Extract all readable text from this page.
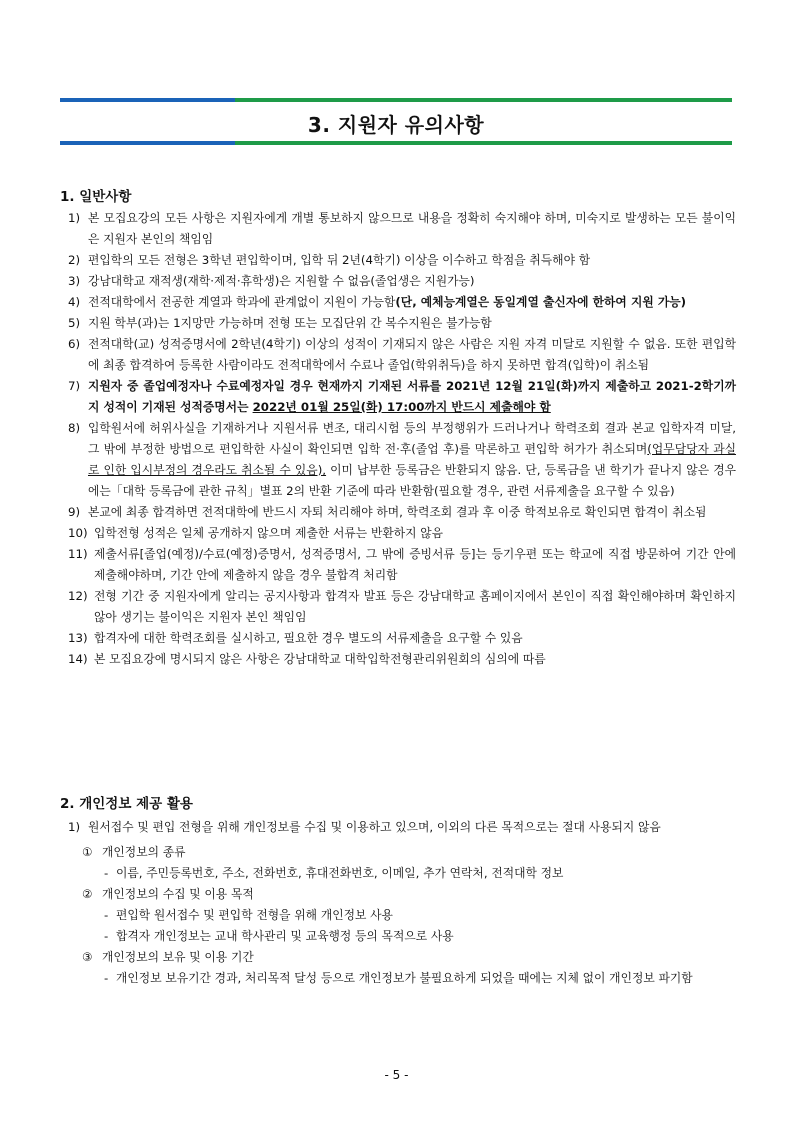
3. 지원자 유의사항
1. 일반사항
1) 본 모집요강의 모든 사항은 지원자에게 개별 통보하지 않으므로 내용을 정확히 숙지해야 하며, 미숙지로 발생하는 모든 불이익은 지원자 본인의 책임임
2) 편입학의 모든 전형은 3학년 편입학이며, 입학 뒤 2년(4학기) 이상을 이수하고 학점을 취득해야 함
3) 강남대학교 재적생(재학·제적·휴학생)은 지원할 수 없음(졸업생은 지원가능)
4) 전적대학에서 전공한 계열과 학과에 관계없이 지원이 가능함(단, 예체능계열은 동일계열 출신자에 한하여 지원 가능)
5) 지원 학부(과)는 1지망만 가능하며 전형 또는 모집단위 간 복수지원은 불가능함
6) 전적대학(교) 성적증명서에 2학년(4학기) 이상의 성적이 기재되지 않은 사람은 지원 자격 미달로 지원할 수 없음. 또한 편입학에 최종 합격하여 등록한 사람이라도 전적대학에서 수료나 졸업(학위취득)을 하지 못하면 합격(입학)이 취소됨
7) 지원자 중 졸업예정자나 수료예정자일 경우 현재까지 기재된 서류를 2021년 12월 21일(화)까지 제출하고 2021-2학기까지 성적이 기재된 성적증명서는 2022년 01월 25일(화) 17:00까지 반드시 제출해야 함
8) 입학원서에 허위사실을 기재하거나 지원서류 변조, 대리시험 등의 부정행위가 드러나거나 학력조회 결과 본교 입학자격 미달, 그 밖에 부정한 방법으로 편입학한 사실이 확인되면 입학 전·후(졸업 후)를 막론하고 편입학 허가가 취소되며(업무담당자 과실로 인한 입시부정의 경우라도 취소될 수 있음), 이미 납부한 등록금은 반환되지 않음. 단, 등록금을 낸 학기가 끝나지 않은 경우에는「대학 등록금에 관한 규칙」별표 2의 반환 기준에 따라 반환함(필요할 경우, 관련 서류제출을 요구할 수 있음)
9) 본교에 최종 합격하면 전적대학에 반드시 자퇴 처리해야 하며, 학력조회 결과 후 이중 학적보유로 확인되면 합격이 취소됨
10) 입학전형 성적은 일체 공개하지 않으며 제출한 서류는 반환하지 않음
11) 제출서류[졸업(예정)/수료(예정)증명서, 성적증명서, 그 밖에 증빙서류 등]는 등기우편 또는 학교에 직접 방문하여 기간 안에 제출해야하며, 기간 안에 제출하지 않을 경우 불합격 처리함
12) 전형 기간 중 지원자에게 알리는 공지사항과 합격자 발표 등은 강남대학교 홈페이지에서 본인이 직접 확인해야하며 확인하지 않아 생기는 불이익은 지원자 본인 책임임
13) 합격자에 대한 학력조회를 실시하고, 필요한 경우 별도의 서류제출을 요구할 수 있음
14) 본 모집요강에 명시되지 않은 사항은 강남대학교 대학입학전형관리위원회의 심의에 따름
2. 개인정보 제공 활용
1) 원서접수 및 편입 전형을 위해 개인정보를 수집 및 이용하고 있으며, 이외의 다른 목적으로는 절대 사용되지 않음
① 개인정보의 종류
- 이름, 주민등록번호, 주소, 전화번호, 휴대전화번호, 이메일, 추가 연락처, 전적대학 정보
② 개인정보의 수집 및 이용 목적
- 편입학 원서접수 및 편입학 전형을 위해 개인정보 사용
- 합격자 개인정보는 교내 학사관리 및 교육행정 등의 목적으로 사용
③ 개인정보의 보유 및 이용 기간
- 개인정보 보유기간 경과, 처리목적 달성 등으로 개인정보가 불필요하게 되었을 때에는 지체 없이 개인정보 파기함
- 5 -
